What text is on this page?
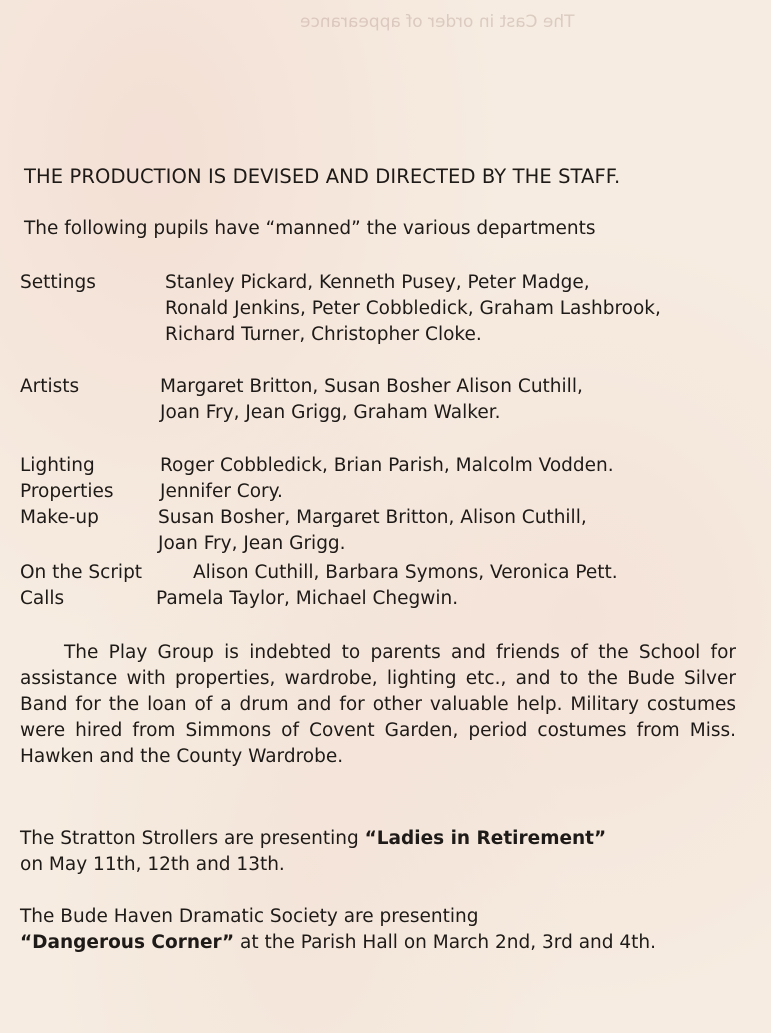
The Cast in order of appearance
THE PRODUCTION IS DEVISED AND DIRECTED BY THE STAFF.
The following pupils have “manned” the various departments
Settings	Stanley Pickard, Kenneth Pusey, Peter Madge,
Ronald Jenkins, Peter Cobbledick, Graham Lashbrook,
Richard Turner, Christopher Cloke.
Artists	Margaret Britton, Susan Bosher Alison Cuthill,
Joan Fry, Jean Grigg, Graham Walker.
Lighting	Roger Cobbledick, Brian Parish, Malcolm Vodden.
Properties	Jennifer Cory.
Make-up	Susan Bosher, Margaret Britton, Alison Cuthill,
Joan Fry, Jean Grigg.
On the Script	Alison Cuthill, Barbara Symons, Veronica Pett.
Calls	Pamela Taylor, Michael Chegwin.
The Play Group is indebted to parents and friends of the School for assistance with properties, wardrobe, lighting etc., and to the Bude Silver Band for the loan of a drum and for other valuable help. Military costumes were hired from Simmons of Covent Garden, period costumes from Miss. Hawken and the County Wardrobe.
The Stratton Strollers are presenting “Ladies in Retirement”
on May 11th, 12th and 13th.
The Bude Haven Dramatic Society are presenting
“Dangerous Corner” at the Parish Hall on March 2nd, 3rd and 4th.
